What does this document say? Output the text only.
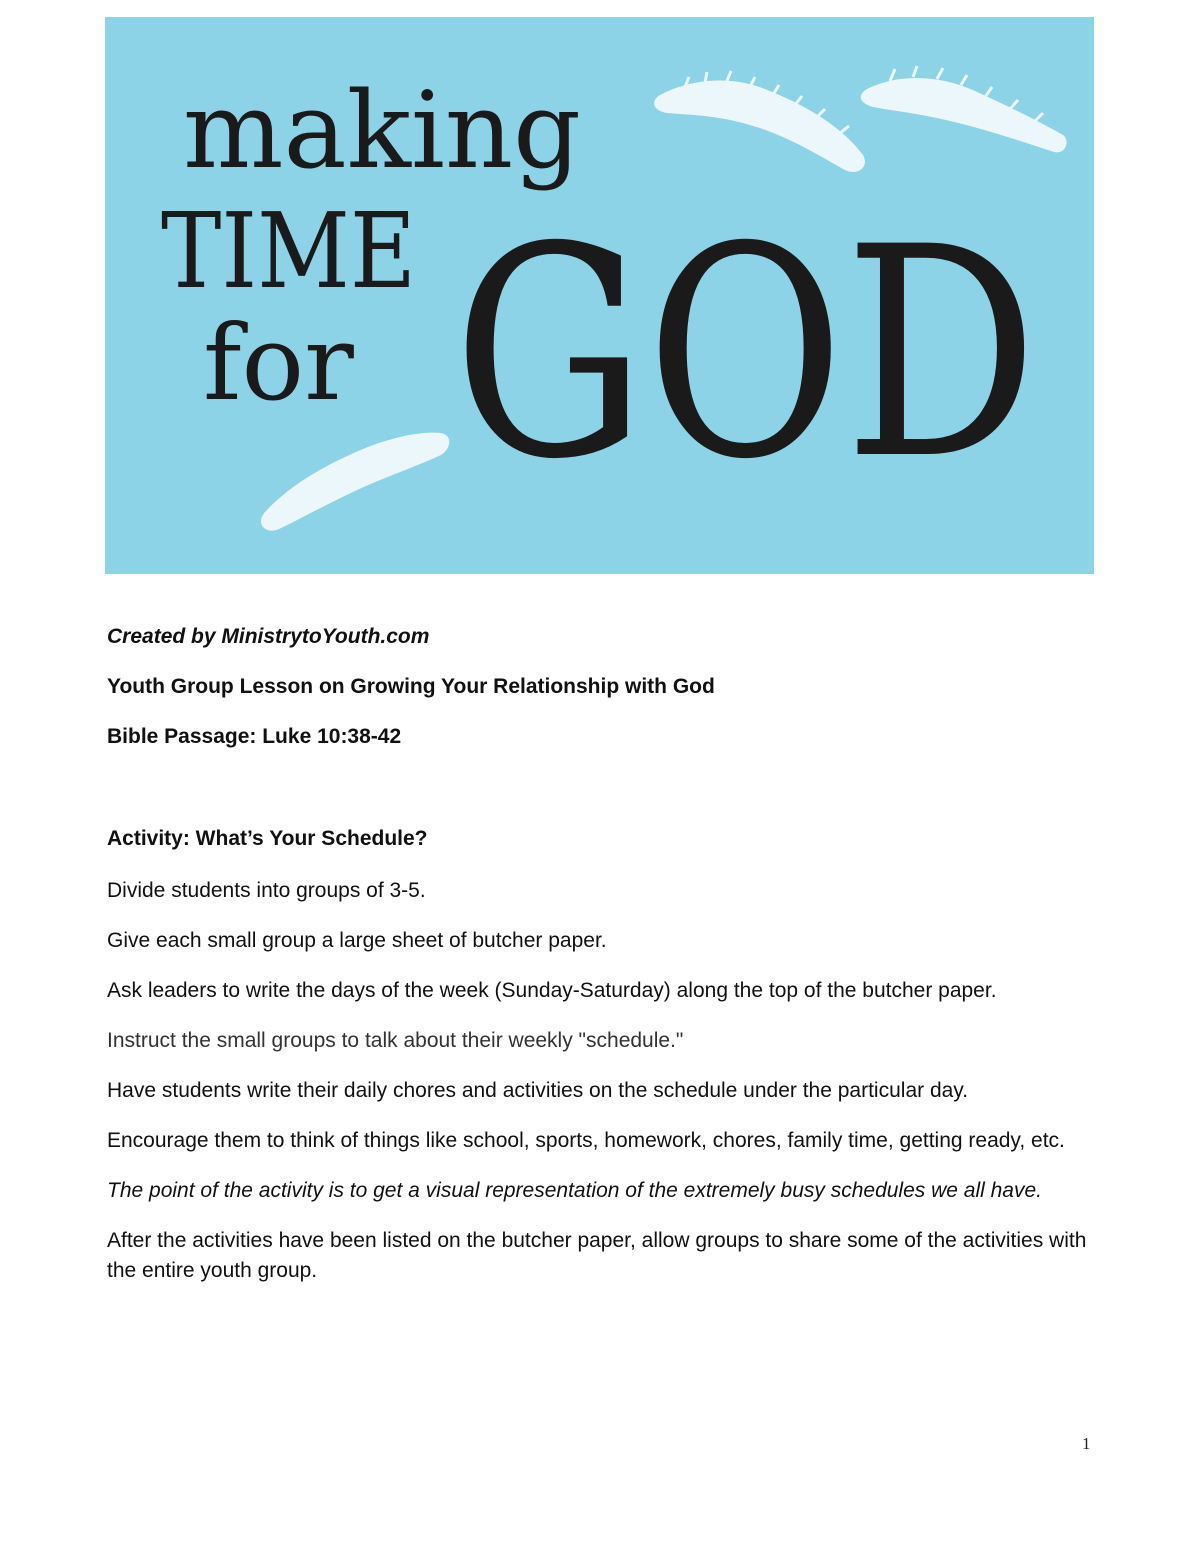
making
TIME
for GOD

Created by MinistrytoYouth.com

Youth Group Lesson on Growing Your Relationship with God

Bible Passage: Luke 10:38-42

Activity: What’s Your Schedule?

Divide students into groups of 3-5.

Give each small group a large sheet of butcher paper.

Ask leaders to write the days of the week (Sunday-Saturday) along the top of the butcher paper.

Instruct the small groups to talk about their weekly "schedule."

Have students write their daily chores and activities on the schedule under the particular day.

Encourage them to think of things like school, sports, homework, chores, family time, getting ready, etc.

The point of the activity is to get a visual representation of the extremely busy schedules we all have.

After the activities have been listed on the butcher paper, allow groups to share some of the activities with the entire youth group.

1
